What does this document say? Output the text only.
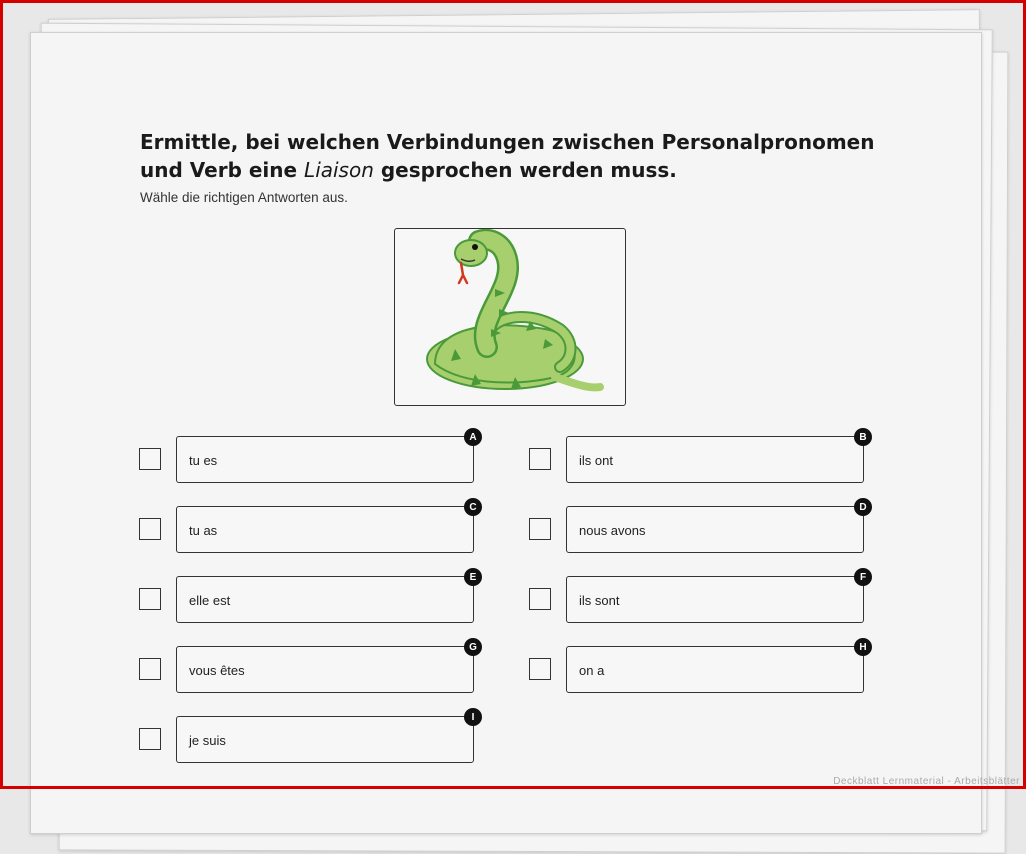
Ermittle, bei welchen Verbindungen zwischen Personalpronomen und Verb eine Liaison gesprochen werden muss.
Wähle die richtigen Antworten aus.
tu es
A
ils ont
B
tu as
C
nous avons
D
elle est
E
ils sont
F
vous êtes
G
on a
H
je suis
I
Deckblatt Lernmaterial - Arbeitsblätter
